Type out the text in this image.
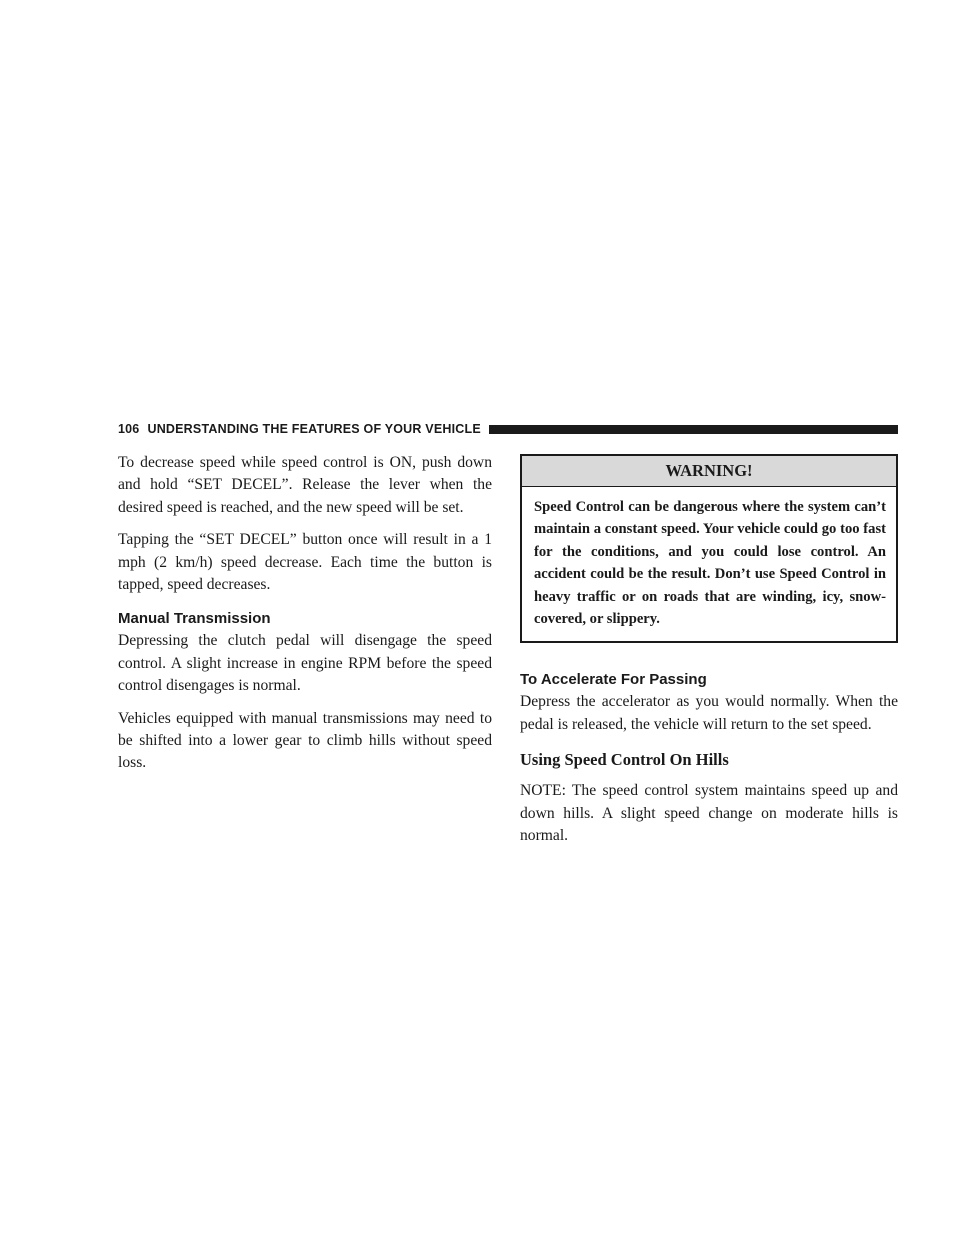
106 UNDERSTANDING THE FEATURES OF YOUR VEHICLE

To decrease speed while speed control is ON, push down and hold “SET DECEL”. Release the lever when the desired speed is reached, and the new speed will be set.

Tapping the “SET DECEL” button once will result in a 1 mph (2 km/h) speed decrease. Each time the button is tapped, speed decreases.

Manual Transmission

Depressing the clutch pedal will disengage the speed control. A slight increase in engine RPM before the speed control disengages is normal.

Vehicles equipped with manual transmissions may need to be shifted into a lower gear to climb hills without speed loss.

WARNING!
Speed Control can be dangerous where the system can’t maintain a constant speed. Your vehicle could go too fast for the conditions, and you could lose control. An accident could be the result. Don’t use Speed Control in heavy traffic or on roads that are winding, icy, snow-covered, or slippery.
To Accelerate For Passing

Depress the accelerator as you would normally. When the pedal is released, the vehicle will return to the set speed.

Using Speed Control On Hills

NOTE: The speed control system maintains speed up and down hills. A slight speed change on moderate hills is normal.
